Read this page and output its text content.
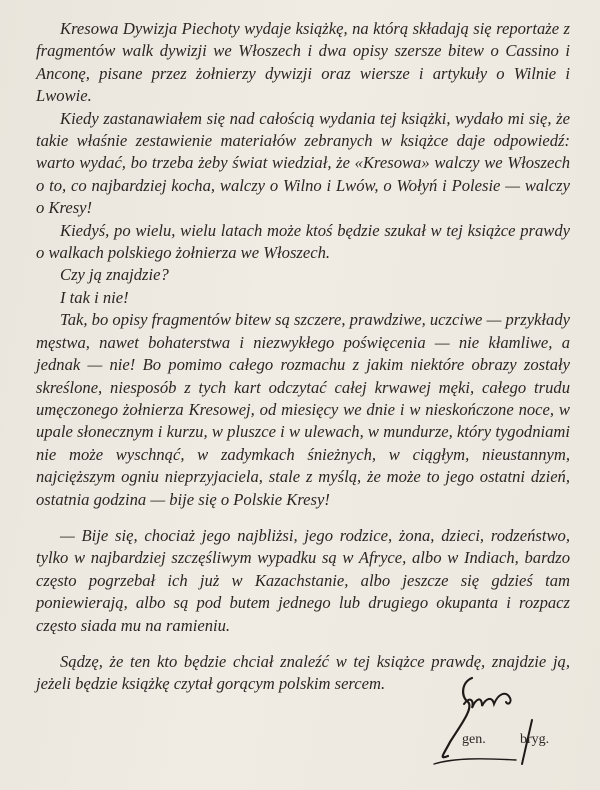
Kresowa Dywizja Piechoty wydaje książkę, na którą składają się reportaże z fragmentów walk dywizji we Włoszech i dwa opisy szersze bitew o Cassino i Anconę, pisane przez żołnierzy dywizji oraz wiersze i artykuły o Wilnie i Lwowie.

Kiedy zastanawiałem się nad całością wydania tej książki, wydało mi się, że takie właśnie zestawienie materiałów zebranych w książce daje odpowiedź: warto wydać, bo trzeba żeby świat wiedział, że «Kresowa» walczy we Włoszech o to, co najbardziej kocha, walczy o Wilno i Lwów, o Wołyń i Polesie — walczy o Kresy!

Kiedyś, po wielu, wielu latach może ktoś będzie szukał w tej książce prawdy o walkach polskiego żołnierza we Włoszech.

Czy ją znajdzie?

I tak i nie!

Tak, bo opisy fragmentów bitew są szczere, prawdziwe, uczciwe — przykłady męstwa, nawet bohaterstwa i niezwykłego poświęcenia — nie kłamliwe, a jednak — nie! Bo pomimo całego rozmachu z jakim niektóre obrazy zostały skreślone, niesposób z tych kart odczytać całej krwawej męki, całego trudu umęczonego żołnierza Kresowej, od miesięcy we dnie i w nieskończone noce, w upale słonecznym i kurzu, w pluszce i w ulewach, w mundurze, który tygodniami nie może wyschnąć, w zadymkach śnieżnych, w ciągłym, nieustannym, najcięższym ogniu nieprzyjaciela, stale z myślą, że może to jego ostatni dzień, ostatnia godzina — bije się o Polskie Kresy!

— Bije się, chociaż jego najbliżsi, jego rodzice, żona, dzieci, rodzeństwo, tylko w najbardziej szczęśliwym wypadku są w Afryce, albo w Indiach, bardzo często pogrzebał ich już w Kazachstanie, albo jeszcze się gdzieś tam poniewierają, albo są pod butem jednego lub drugiego okupanta i rozpacz często siada mu na ramieniu.

Sądzę, że ten kto będzie chciał znaleźć w tej książce prawdę, znajdzie ją, jeżeli będzie książkę czytał gorącym polskim sercem.

gen. bryg.
